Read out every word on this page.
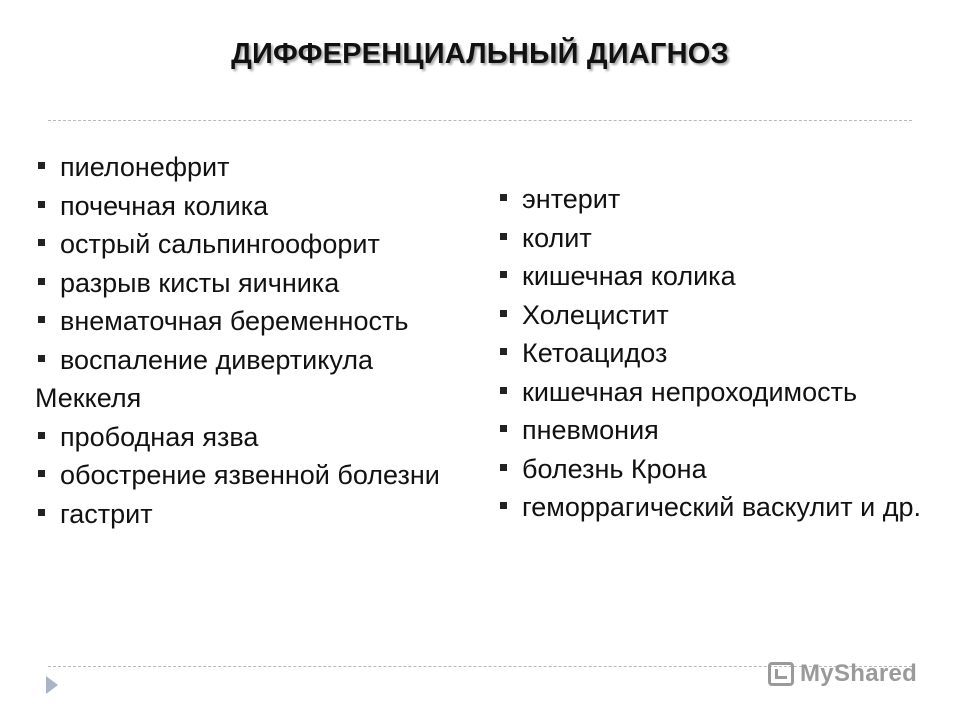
ДИФФЕРЕНЦИАЛЬНЫЙ ДИАГНОЗ
пиелонефрит
почечная колика
острый сальпингоофорит
разрыв кисты яичника
внематочная беременность
воспаление дивертикула Меккеля
прободная язва
обострение язвенной болезни
гастрит
энтерит
колит
кишечная колика
Холецистит
Кетоацидоз
кишечная непроходимость
пневмония
болезнь Крона
геморрагический васкулит и др.
MyShared
